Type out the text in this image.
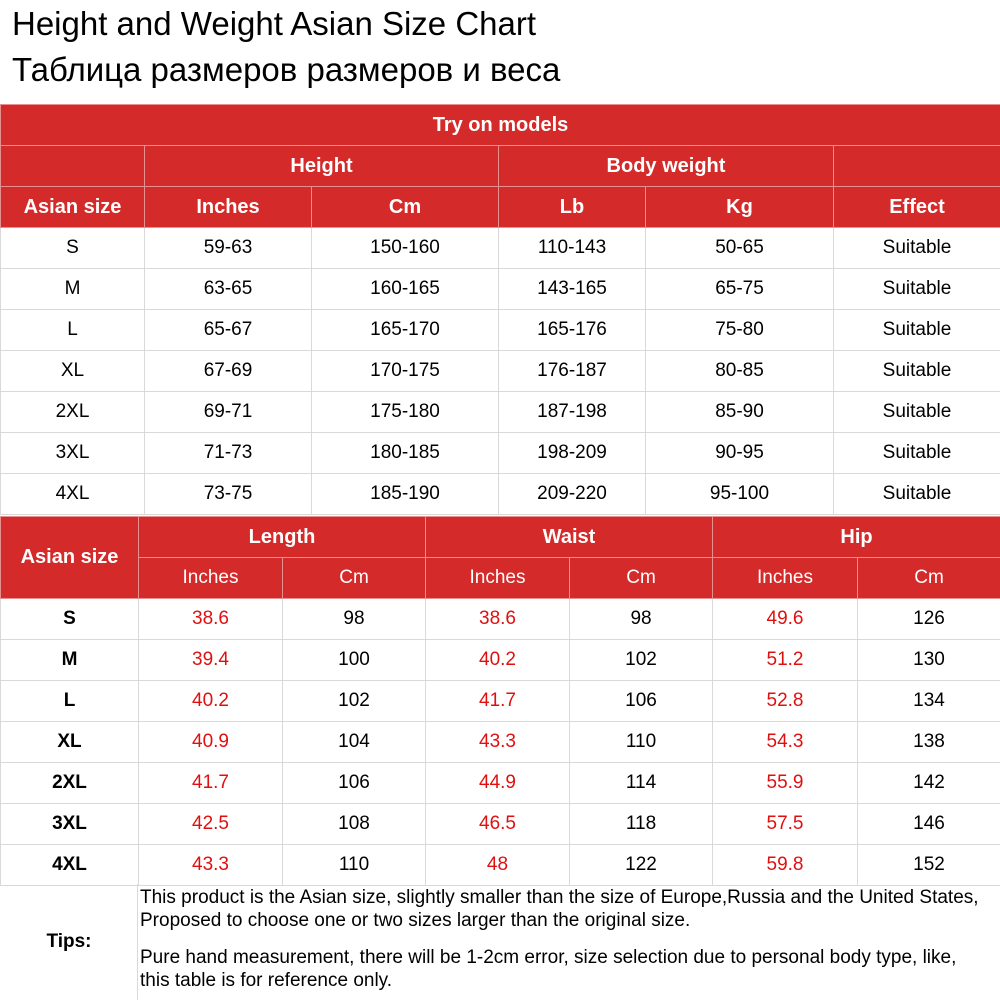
Height and Weight Asian Size Chart
Таблица размеров размеров и веса
Try on models					
	Height		Body weight		
Asian size	Inches	Cm	Lb	Kg	Effect
S	59-63	150-160	110-143	50-65	Suitable
M	63-65	160-165	143-165	65-75	Suitable
L	65-67	165-170	165-176	75-80	Suitable
XL	67-69	170-175	176-187	80-85	Suitable
2XL	69-71	175-180	187-198	85-90	Suitable
3XL	71-73	180-185	198-209	90-95	Suitable
4XL	73-75	185-190	209-220	95-100	Suitable
Asian size	Length		Waist		Hip	
	Inches	Cm	Inches	Cm	Inches	Cm
S	38.6	98	38.6	98	49.6	126
M	39.4	100	40.2	102	51.2	130
L	40.2	102	41.7	106	52.8	134
XL	40.9	104	43.3	110	54.3	138
2XL	41.7	106	44.9	114	55.9	142
3XL	42.5	108	46.5	118	57.5	146
4XL	43.3	110	48	122	59.8	152
Tips:

This product is the Asian size, slightly smaller than the size of Europe,Russia and the United States, Proposed to choose one or two sizes larger than the original size.

Pure hand measurement, there will be 1-2cm error, size selection due to personal body type, like, this table is for reference only.
